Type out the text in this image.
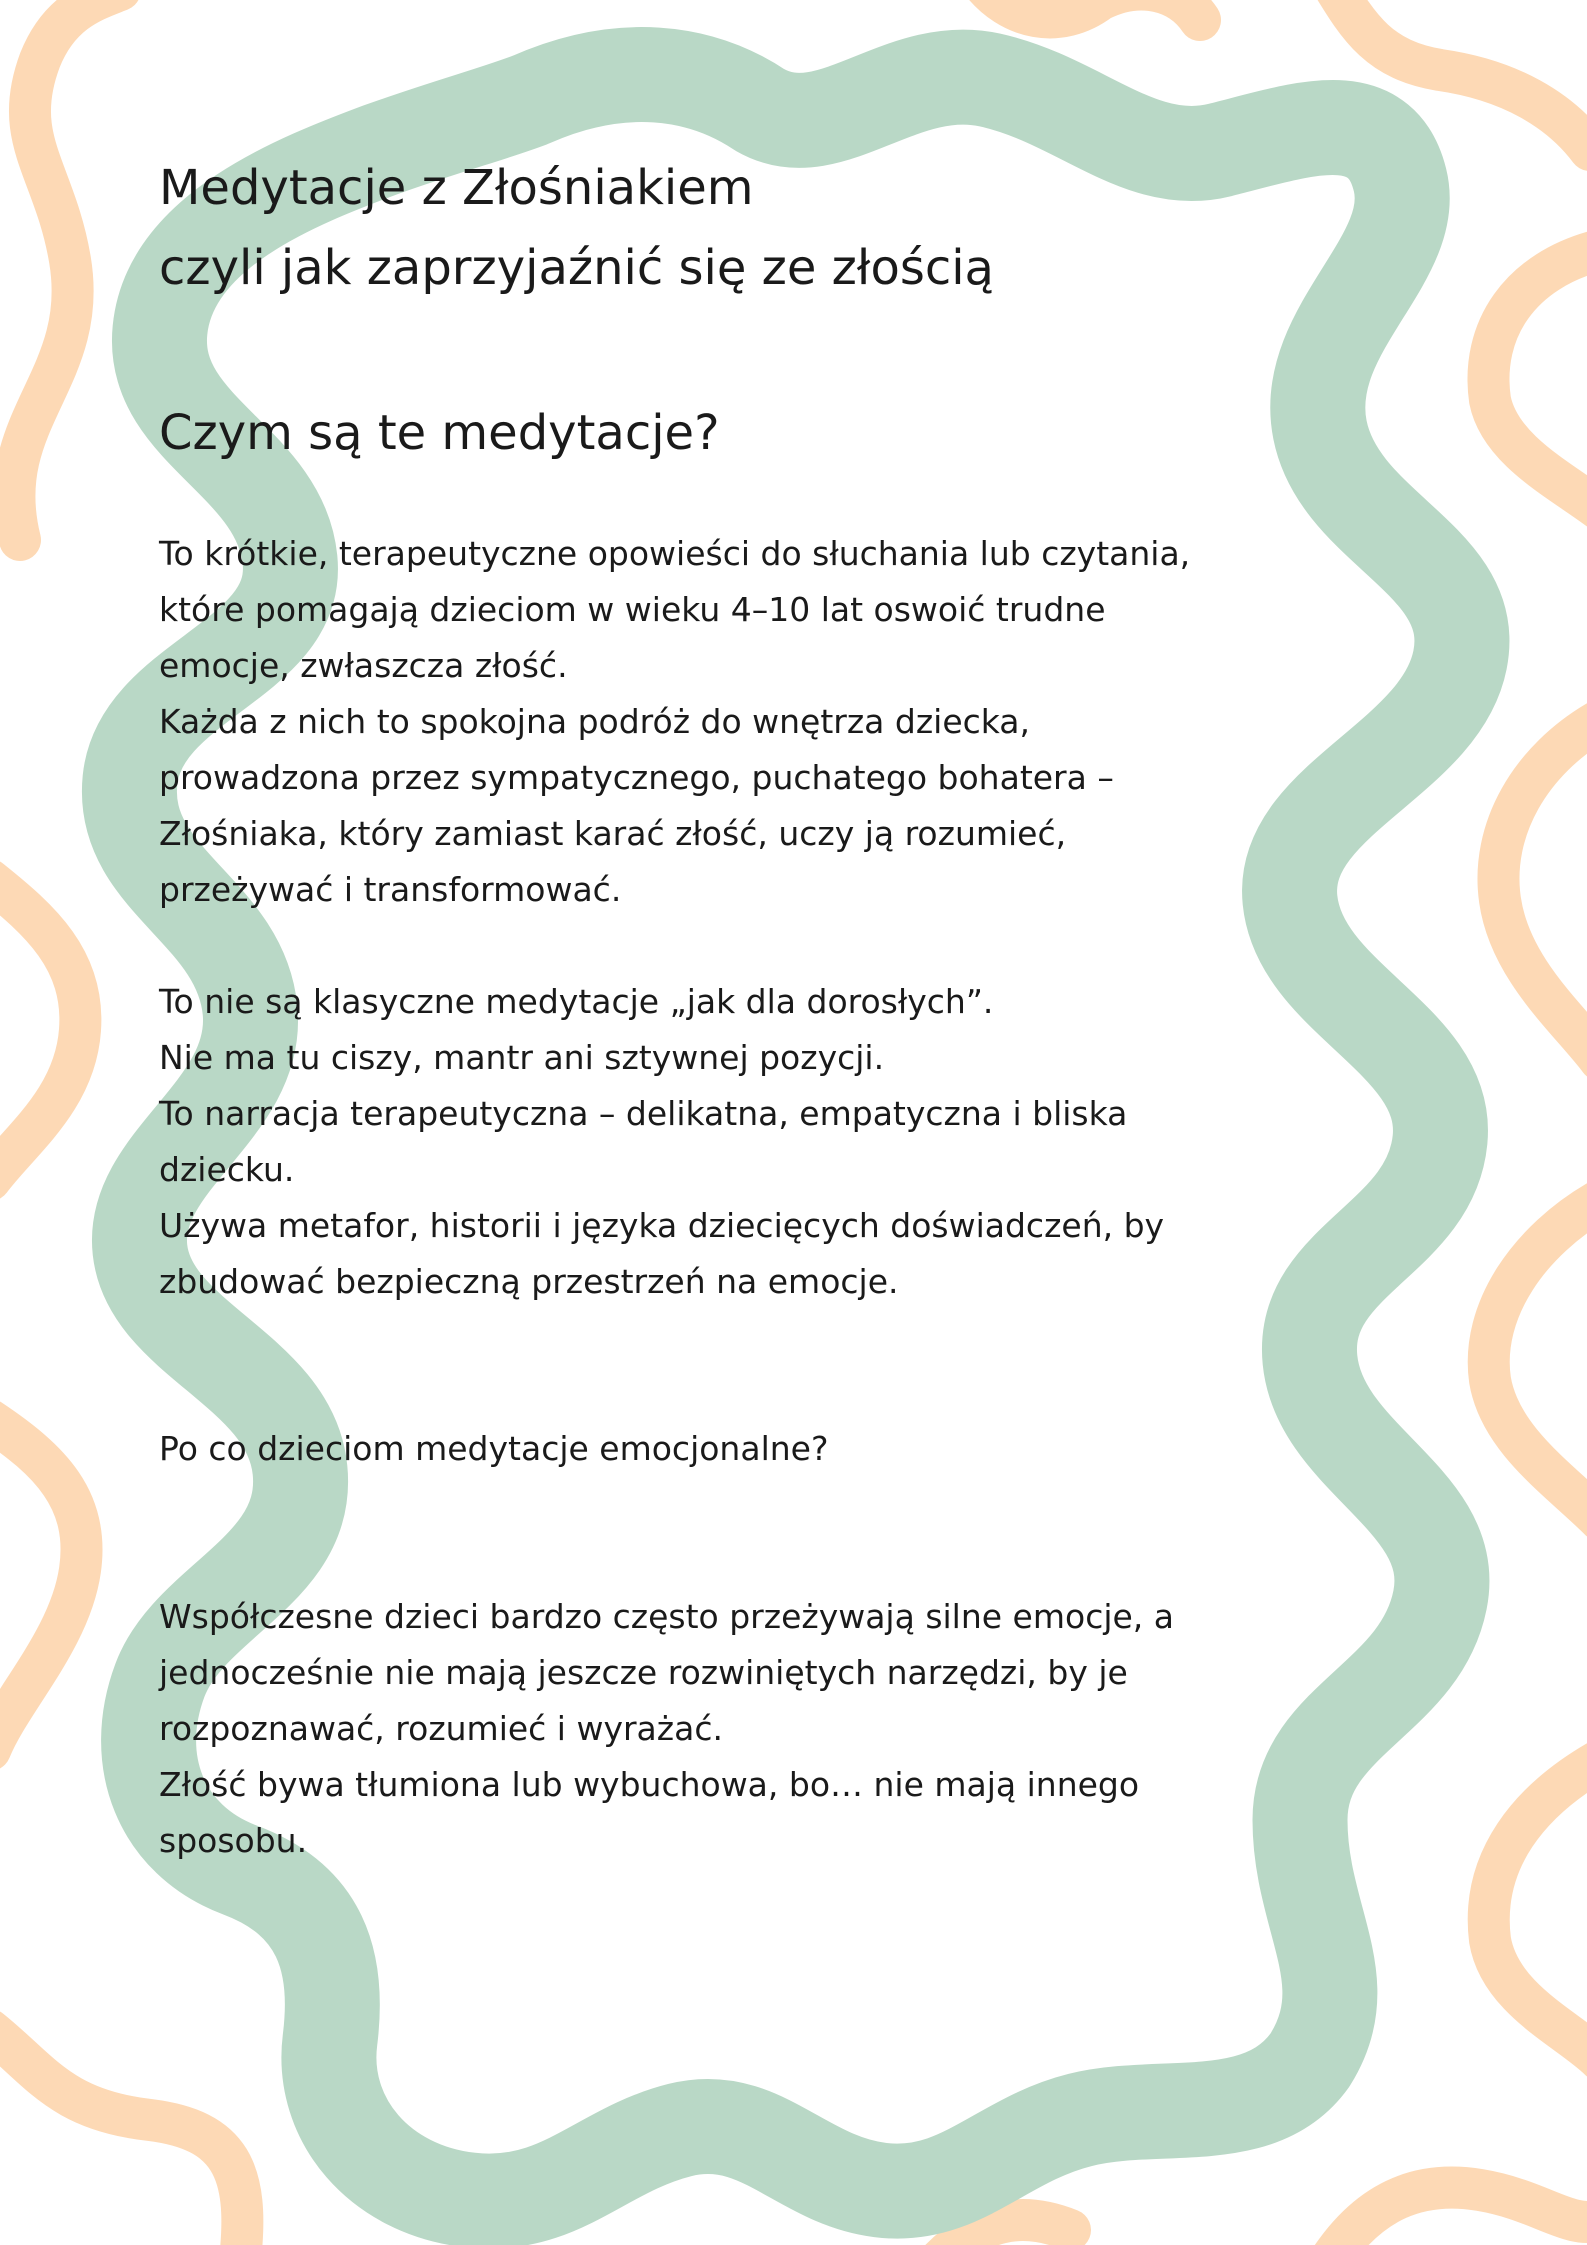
Medytacje z Złośniakiem

czyli jak zaprzyjaźnić się ze złością

Czym są te medytacje?

To krótkie, terapeutyczne opowieści do słuchania lub czytania,
które pomagają dzieciom w wieku 4–10 lat oswoić trudne
emocje, zwłaszcza złość.
Każda z nich to spokojna podróż do wnętrza dziecka,
prowadzona przez sympatycznego, puchatego bohatera –
Złośniaka, który zamiast karać złość, uczy ją rozumieć,
przeżywać i transformować.
To nie są klasyczne medytacje „jak dla dorosłych”.
Nie ma tu ciszy, mantr ani sztywnej pozycji.
To narracja terapeutyczna – delikatna, empatyczna i bliska
dziecku.
Używa metafor, historii i języka dziecięcych doświadczeń, by
zbudować bezpieczną przestrzeń na emocje.

Po co dzieciom medytacje emocjonalne?

Współczesne dzieci bardzo często przeżywają silne emocje, a
jednocześnie nie mają jeszcze rozwiniętych narzędzi, by je
rozpoznawać, rozumieć i wyrażać.
Złość bywa tłumiona lub wybuchowa, bo… nie mają innego
sposobu.
